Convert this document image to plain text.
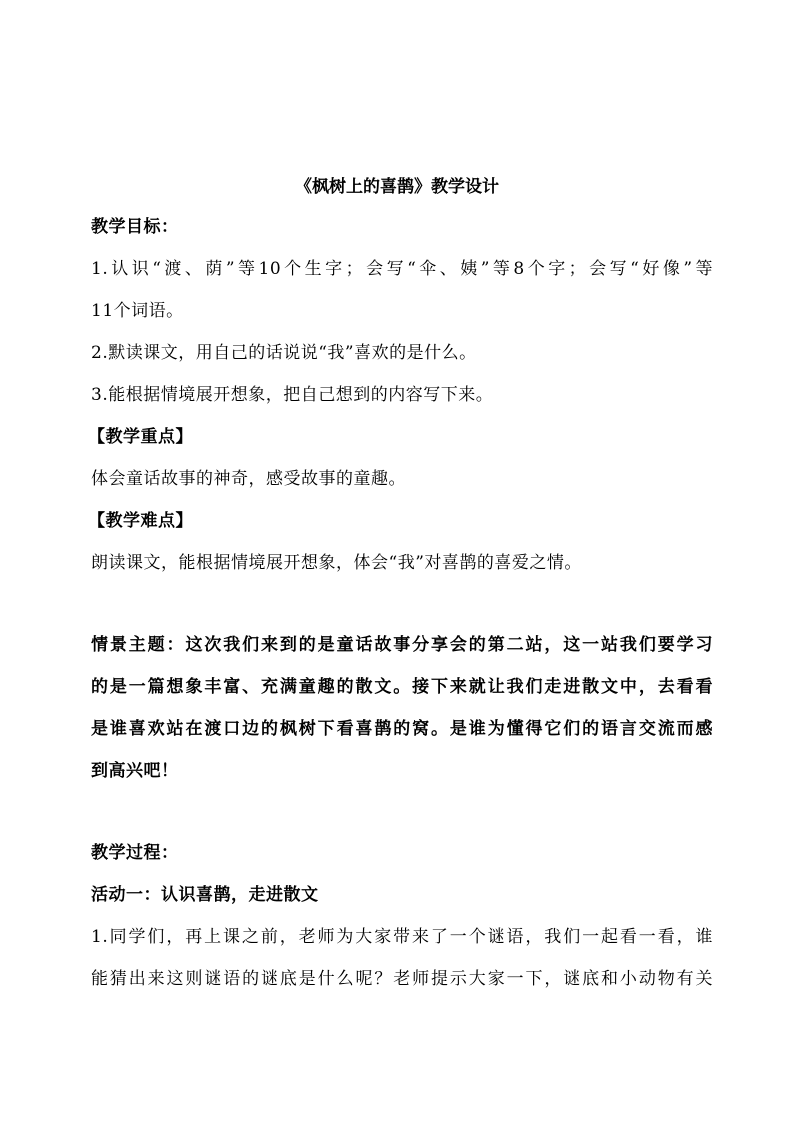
《枫树上的喜鹊》教学设计
教学目标：
1.认识“渡、荫”等10个生字；会写“伞、姨”等8个字；会写“好像”等
11个词语。
2.默读课文，用自己的话说说“我”喜欢的是什么。
3.能根据情境展开想象，把自己想到的内容写下来。
【教学重点】
体会童话故事的神奇，感受故事的童趣。
【教学难点】
朗读课文，能根据情境展开想象，体会“我”对喜鹊的喜爱之情。
情景主题：这次我们来到的是童话故事分享会的第二站，这一站我们要学习
的是一篇想象丰富、充满童趣的散文。接下来就让我们走进散文中，去看看
是谁喜欢站在渡口边的枫树下看喜鹊的窝。是谁为懂得它们的语言交流而感
到高兴吧！
教学过程：
活动一：认识喜鹊，走进散文
1.同学们，再上课之前，老师为大家带来了一个谜语，我们一起看一看，谁
能猜出来这则谜语的谜底是什么呢？老师提示大家一下，谜底和小动物有关
